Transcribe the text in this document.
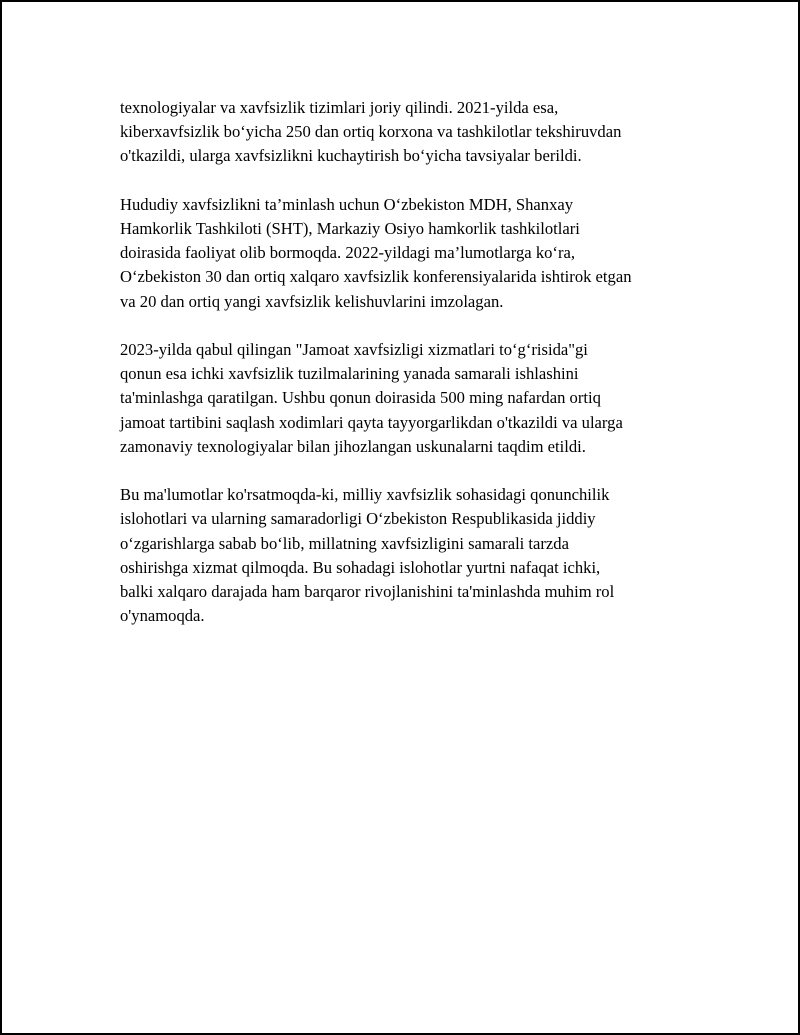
texnologiyalar va xavfsizlik tizimlari joriy qilindi. 2021-yilda esa,
kiberxavfsizlik bo‘yicha 250 dan ortiq korxona va tashkilotlar tekshiruvdan
o'tkazildi, ularga xavfsizlikni kuchaytirish bo‘yicha tavsiyalar berildi.

Hududiy xavfsizlikni ta’minlash uchun O‘zbekiston MDH, Shanxay
Hamkorlik Tashkiloti (SHT), Markaziy Osiyo hamkorlik tashkilotlari
doirasida faoliyat olib bormoqda. 2022-yildagi ma’lumotlarga ko‘ra,
O‘zbekiston 30 dan ortiq xalqaro xavfsizlik konferensiyalarida ishtirok etgan
va 20 dan ortiq yangi xavfsizlik kelishuvlarini imzolagan.

2023-yilda qabul qilingan "Jamoat xavfsizligi xizmatlari to‘g‘risida"gi
qonun esa ichki xavfsizlik tuzilmalarining yanada samarali ishlashini
ta'minlashga qaratilgan. Ushbu qonun doirasida 500 ming nafardan ortiq
jamoat tartibini saqlash xodimlari qayta tayyorgarlikdan o'tkazildi va ularga
zamonaviy texnologiyalar bilan jihozlangan uskunalarni taqdim etildi.

Bu ma'lumotlar ko'rsatmoqda-ki, milliy xavfsizlik sohasidagi qonunchilik
islohotlari va ularning samaradorligi O‘zbekiston Respublikasida jiddiy
o‘zgarishlarga sabab bo‘lib, millatning xavfsizligini samarali tarzda
oshirishga xizmat qilmoqda. Bu sohadagi islohotlar yurtni nafaqat ichki,
balki xalqaro darajada ham barqaror rivojlanishini ta'minlashda muhim rol
o'ynamoqda.
